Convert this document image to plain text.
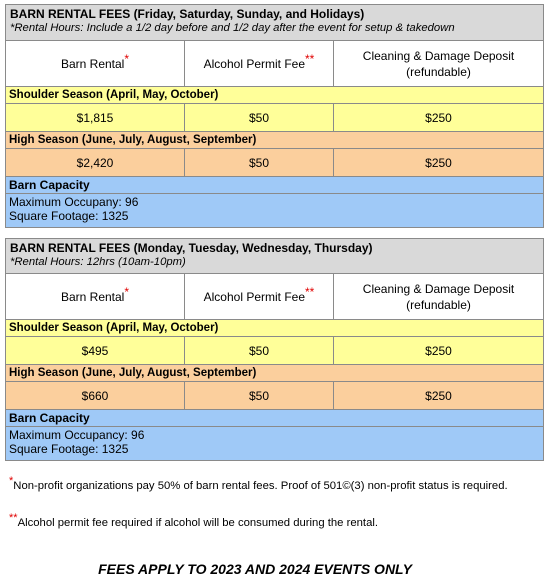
BARN RENTAL FEES (Friday, Saturday, Sunday, and Holidays)
*Rental Hours: Include a 1/2 day before and 1/2 day after the event for setup & takedown		

Barn Rental*	Alcohol Permit Fee**	Cleaning & Damage Deposit
(refundable)

Shoulder Season (April, May, October)		
$1,815	$50	$250
High Season (June, July, August, September)		
$2,420	$50	$250
Barn Capacity		

Maximum Occupany: 96
Square Footage: 1325		
BARN RENTAL FEES (Monday, Tuesday, Wednesday, Thursday)
*Rental Hours: 12hrs (10am-10pm)		

Barn Rental*	Alcohol Permit Fee**	Cleaning & Damage Deposit
(refundable)

Shoulder Season (April, May, October)		
$495	$50	$250
High Season (June, July, August, September)		
$660	$50	$250
Barn Capacity		

Maximum Occupancy: 96
Square Footage: 1325		
*Non-profit organizations pay 50% of barn rental fees. Proof of 501©(3) non-profit status is required.
**Alcohol permit fee required if alcohol will be consumed during the rental.
FEES APPLY TO 2023 AND 2024 EVENTS ONLY
